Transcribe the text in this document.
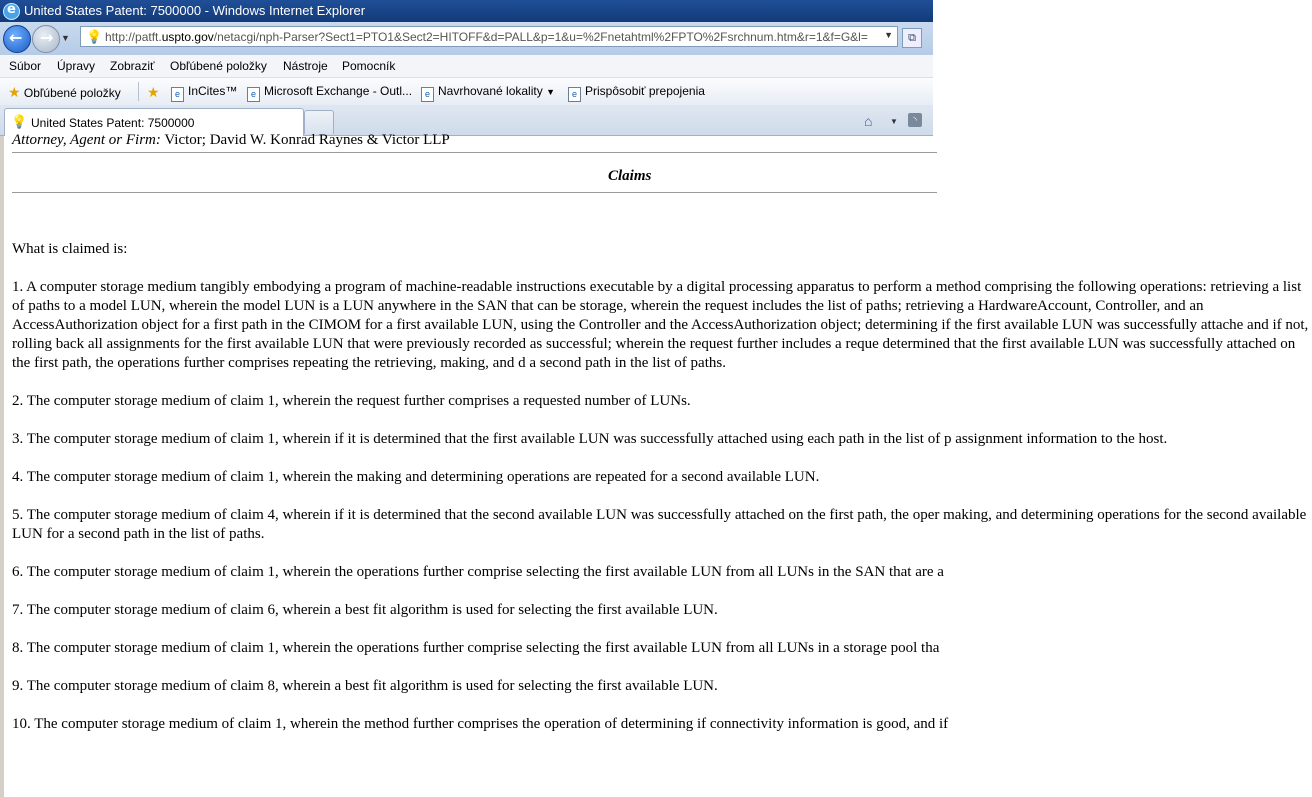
e
United States Patent: 7500000 - Windows Internet Explorer
← → ▼ 💡 http://patft.uspto.gov/netacgi/nph-Parser?Sect1=PTO1&Sect2=HITOFF&d=PALL&p=1&u=%2Fnetahtml%2FPTO%2Fsrchnum.htm&r=1&f=G&l=	▼	⧉
Súbor Úpravy Zobraziť Obľúbené položky Nástroje Pomocník
★ Obľúbené položky ★	e InCites™	e Microsoft Exchange - Outl...	e Navrhované lokality ▼	e Prispôsobiť prepojenia
💡 United States Patent: 7500000	⌂ ▼	◝
Attorney, Agent or Firm: Victor; David W. Konrad Raynes & Victor LLP
Claims

What is claimed is:

1. A computer storage medium tangibly embodying a program of machine-readable instructions executable by a digital processing apparatus to perform a method comprising the following operations: retrieving a list of paths to a model LUN, wherein the model LUN is a LUN anywhere in the SAN that can be storage, wherein the request includes the list of paths; retrieving a HardwareAccount, Controller, and an AccessAuthorization object for a first path in the CIMOM for a first available LUN, using the Controller and the AccessAuthorization object; determining if the first available LUN was successfully attache and if not, rolling back all assignments for the first available LUN that were previously recorded as successful; wherein the request further includes a reque determined that the first available LUN was successfully attached on the first path, the operations further comprises repeating the retrieving, making, and d a second path in the list of paths.

2. The computer storage medium of claim 1, wherein the request further comprises a requested number of LUNs.

3. The computer storage medium of claim 1, wherein if it is determined that the first available LUN was successfully attached using each path in the list of p assignment information to the host.

4. The computer storage medium of claim 1, wherein the making and determining operations are repeated for a second available LUN.

5. The computer storage medium of claim 4, wherein if it is determined that the second available LUN was successfully attached on the first path, the oper making, and determining operations for the second available LUN for a second path in the list of paths.

6. The computer storage medium of claim 1, wherein the operations further comprise selecting the first available LUN from all LUNs in the SAN that are a

7. The computer storage medium of claim 6, wherein a best fit algorithm is used for selecting the first available LUN.

8. The computer storage medium of claim 1, wherein the operations further comprise selecting the first available LUN from all LUNs in a storage pool tha

9. The computer storage medium of claim 8, wherein a best fit algorithm is used for selecting the first available LUN.

10. The computer storage medium of claim 1, wherein the method further comprises the operation of determining if connectivity information is good, and if
